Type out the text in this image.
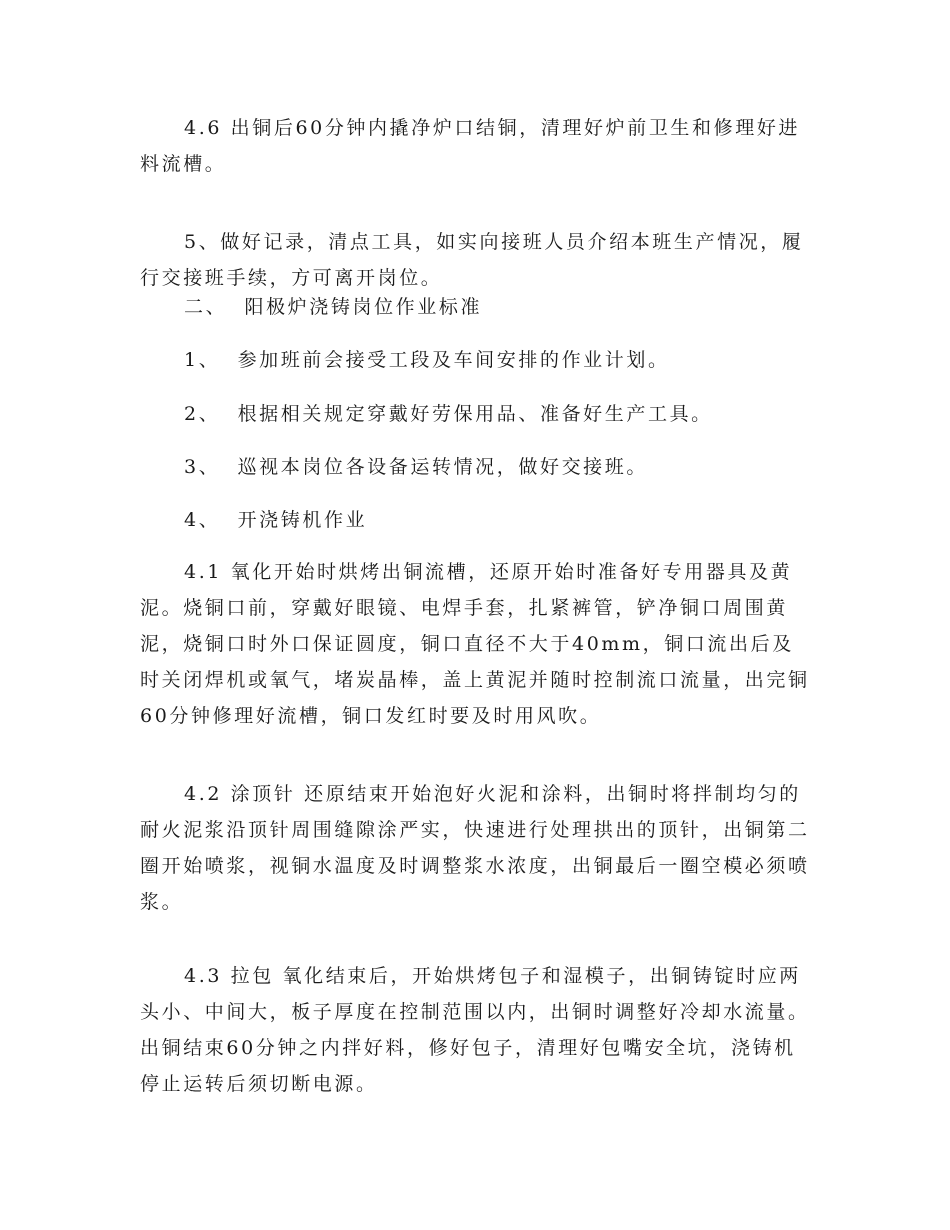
4.6 出铜后60分钟内撬净炉口结铜，清理好炉前卫生和修理好进料流槽。

5、做好记录，清点工具，如实向接班人员介绍本班生产情况，履行交接班手续，方可离开岗位。

二、  阳极炉浇铸岗位作业标准

1、  参加班前会接受工段及车间安排的作业计划。

2、  根据相关规定穿戴好劳保用品、准备好生产工具。

3、  巡视本岗位各设备运转情况，做好交接班。

4、  开浇铸机作业

4.1 氧化开始时烘烤出铜流槽，还原开始时准备好专用器具及黄泥。烧铜口前，穿戴好眼镜、电焊手套，扎紧裤管，铲净铜口周围黄泥，烧铜口时外口保证圆度，铜口直径不大于40mm，铜口流出后及时关闭焊机或氧气，堵炭晶棒，盖上黄泥并随时控制流口流量，出完铜60分钟修理好流槽，铜口发红时要及时用风吹。

4.2 涂顶针 还原结束开始泡好火泥和涂料，出铜时将拌制均匀的耐火泥浆沿顶针周围缝隙涂严实，快速进行处理拱出的顶针，出铜第二圈开始喷浆，视铜水温度及时调整浆水浓度，出铜最后一圈空模必须喷浆。

4.3 拉包 氧化结束后，开始烘烤包子和湿模子，出铜铸锭时应两头小、中间大，板子厚度在控制范围以内，出铜时调整好冷却水流量。出铜结束60分钟之内拌好料，修好包子，清理好包嘴安全坑，浇铸机停止运转后须切断电源。
